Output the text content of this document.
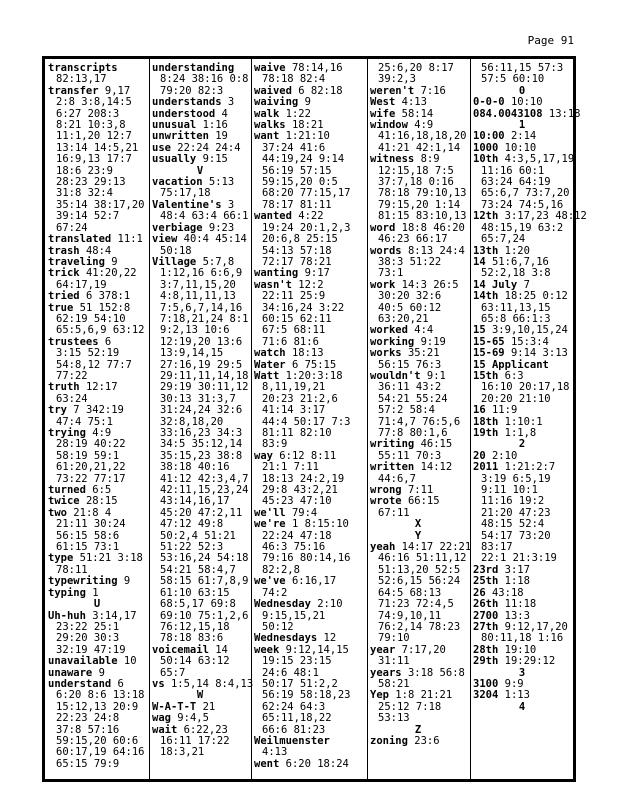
Page 91
transcripts
82:13,17
transfer 9,17
2:8 3:8,14:5
6:27 208:3
8:21 10:3,8
11:1,20 12:7
13:14 14:5,21
16:9,13 17:7
18:6 23:9
28:23 29:13
31:8 32:4
35:14 38:17,20
39:14 52:7
67:24
translated 11:1
trash 48:4
traveling 9
trick 41:20,22
64:17,19
tried 6 378:1
true 51 152:8
62:19 54:10
65:5,6,9 63:12
trustees 6
3:15 52:19
54:8,12 77:7
77:22
truth 12:17
63:24
try 7 342:19
47:4 75:1
trying 4:9
28:19 40:22
58:19 59:1
61:20,21,22
73:22 77:17
turned 6:5
twice 28:15
two 21:8 4
21:11 30:24
56:15 58:6
61:15 73:1
type 51:21 3:18
78:11
typewriting 9
typing 1
U
Uh-huh 3:14,17
23:22 25:1
29:20 30:3
32:19 47:19
unavailable 10
unaware 9
understand 6
6:20 8:6 13:18
15:12,13 20:9
22:23 24:8
37:8 57:16
59:15,20 60:6
60:17,19 64:16
65:15 79:9
understanding
8:24 38:16 0:8
79:20 82:3
understands 3
understood 4
unusual 1:16
unwritten 19
use 22:24 24:4
usually 9:15
V
vacation 5:13
75:17,18
Valentine's 3
48:4 63:4 66:1
verbiage 9:23
view 40:4 45:14
50:18
Village 5:7,8
1:12,16 6:6,9
3:7,11,15,20
4:8,11,11,13
7:5,6,7,14,16
7:18,21,24 8:1
9:2,13 10:6
12:19,20 13:6
13:9,14,15
27:16,19 29:5
29:11,11,14,18
29:19 30:11,12
30:13 31:3,7
31:24,24 32:6
32:8,18,20
33:16,23 34:3
34:5 35:12,14
35:15,23 38:8
38:18 40:16
41:12 42:3,4,7
42:11,15,23,24
43:14,16,17
45:20 47:2,11
47:12 49:8
50:2,4 51:21
51:22 52:3
53:16,24 54:18
54:21 58:4,7
58:15 61:7,8,9
61:10 63:15
68:5,17 69:8
69:10 75:1,2,6
76:12,15,18
78:18 83:6
voicemail 14
50:14 63:12
65:7
vs 1:5,14 8:4,13
W
W-A-T-T 21
wag 9:4,5
wait 6:22,23
16:11 17:22
18:3,21
waive 78:14,16
78:18 82:4
waived 6 82:18
waiving 9
walk 1:22
walks 18:21
want 1:21:10
37:24 41:6
44:19,24 9:14
56:19 57:15
59:15,20 0:5
68:20 77:15,17
78:17 81:11
wanted 4:22
19:24 20:1,2,3
20:6,8 25:15
54:13 57:18
72:17 78:21
wanting 9:17
wasn't 12:2
22:11 25:9
34:16,24 3:22
60:15 62:11
67:5 68:11
71:6 81:6
watch 18:13
Water 6 75:15
Watt 1:20:3:18
8,11,19,21
20:23 21:2,6
41:14 3:17
44:4 50:17 7:3
81:11 82:10
83:9
way 6:12 8:11
21:1 7:11
18:13 24:2,19
29:8 43:2,21
45:23 47:10
we'll 79:4
we're 1 8:15:10
22:24 47:18
46:3 75:16
79:16 80:14,16
82:2,8
we've 6:16,17
74:2
Wednesday 2:10
9:15,15,21
50:12
Wednesdays 12
week 9:12,14,15
19:15 23:15
24:6 48:1
50:17 51:2,2
56:19 58:18,23
62:24 64:3
65:11,18,22
66:6 81:23
Weilmuenster
4:13
went 6:20 18:24
25:6,20 8:17
39:2,3
weren't 7:16
West 4:13
wife 58:14
window 4:9
41:16,18,18,20
41:21 42:1,14
witness 8:9
12:15,18 7:5
37:7,18 0:16
78:18 79:10,13
79:15,20 1:14
81:15 83:10,13
word 18:8 46:20
46:23 66:17
words 8:13 24:4
38:3 51:22
73:1
work 14:3 26:5
30:20 32:6
40:5 60:12
63:20,21
worked 4:4
working 9:19
works 35:21
56:15 76:3
wouldn't 9:1
36:11 43:2
54:21 55:24
57:2 58:4
71:4,7 76:5,6
77:8 80:1,6
writing 46:15
55:11 70:3
written 14:12
44:6,7
wrong 7:11
wrote 66:15
67:11
X
Y
yeah 14:17 22:21
46:16 51:11,12
51:13,20 52:5
52:6,15 56:24
64:5 68:13
71:23 72:4,5
74:9,10,11
76:2,14 78:23
79:10
year 7:17,20
31:11
years 3:18 56:8
58:21
Yep 1:8 21:21
25:12 7:18
53:13
Z
zoning 23:6
56:11,15 57:3
57:5 60:10
0
0-0-0 10:10
084.0043108 13:18
1
10:00 2:14
1000 10:10
10th 4:3,5,17,19
11:16 60:1
63:24 64:19
65:6,7 73:7,20
73:24 74:5,16
12th 3:17,23 48:12
48:15,19 63:2
65:7,24
13th 1:20
14 51:6,7,16
52:2,18 3:8
14 July 7
14th 18:25 0:12
63:11,13,15
65:8 66:1:3
15 3:9,10,15,24
15-65 15:3:4
15-69 9:14 3:13
15 Applicant
15th 6:3
16:10 20:17,18
20:20 21:10
16 11:9
18th 1:10:1
19th 1:1,8
2
20 2:10
2011 1:21:2:7
3:19 6:5,19
9:11 10:1
11:16 19:2
21:20 47:23
48:15 52:4
54:17 73:20
83:17
22:1 21:3:19
23rd 3:17
25th 1:18
26 43:18
26th 11:18
2700 13:3
27th 9:12,17,20
80:11,18 1:16
28th 19:10
29th 19:29:12
3
3100 9:9
3204 1:13
4
